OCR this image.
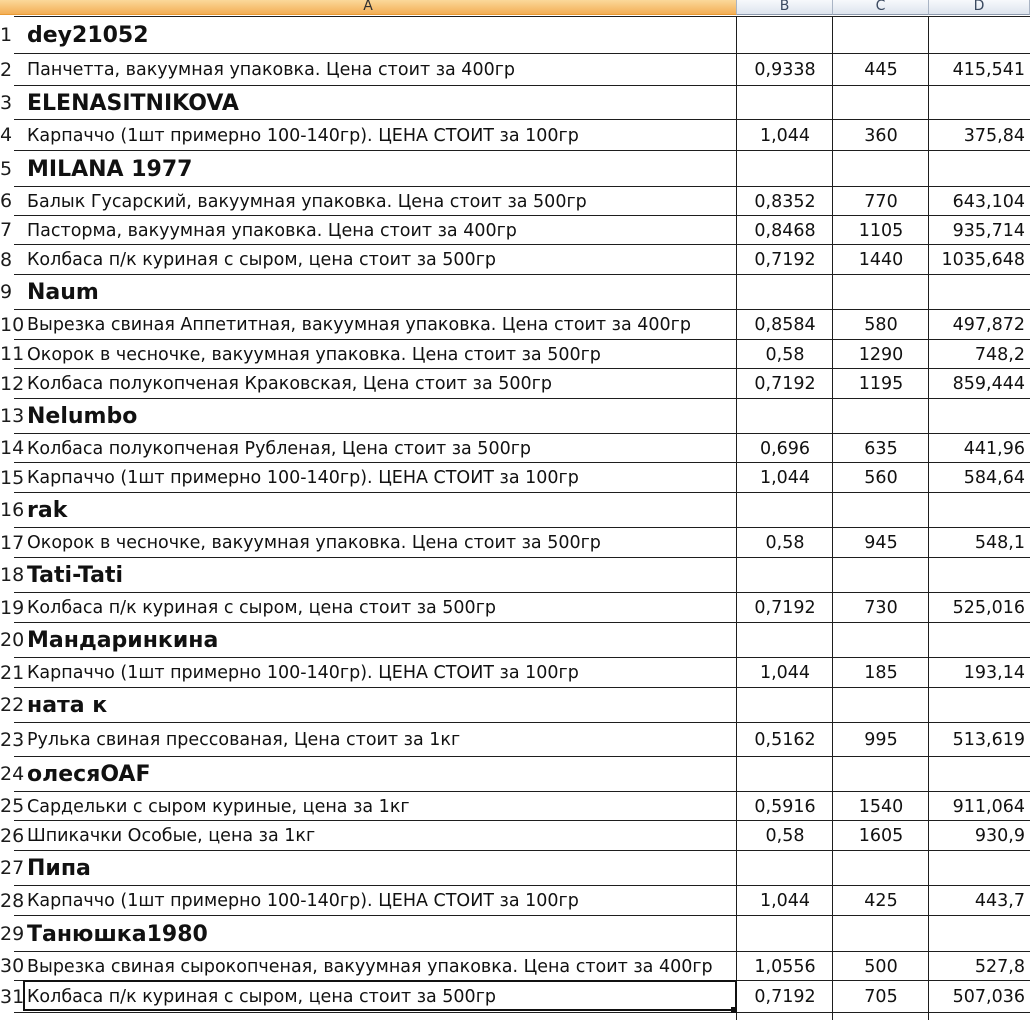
A	B	C	D
1 dey21052
2 Панчетта, вакуумная упаковка. Цена стоит за 400гр	0,9338	445	415,541
3 ELENASITNIKOVA
4 Карпаччо (1шт примерно 100-140гр). ЦЕНА СТОИТ за 100гр	1,044	360	375,84
5 MILANA 1977
6 Балык Гусарский, вакуумная упаковка. Цена стоит за 500гр	0,8352	770	643,104
7 Пасторма, вакуумная упаковка. Цена стоит за 400гр	0,8468	1105	935,714
8 Колбаса п/к куриная с сыром, цена стоит за 500гр	0,7192	1440	1035,648
9 Naum
10 Вырезка свиная Аппетитная, вакуумная упаковка. Цена стоит за 400гр	0,8584	580	497,872
11 Окорок в чесночке, вакуумная упаковка. Цена стоит за 500гр	0,58	1290	748,2
12 Колбаса полукопченая Краковская, Цена стоит за 500гр	0,7192	1195	859,444
13 Nelumbo
14 Колбаса полукопченая Рубленая, Цена стоит за 500гр	0,696	635	441,96
15 Карпаччо (1шт примерно 100-140гр). ЦЕНА СТОИТ за 100гр	1,044	560	584,64
16 rak
17 Окорок в чесночке, вакуумная упаковка. Цена стоит за 500гр	0,58	945	548,1
18 Tati-Tati
19 Колбаса п/к куриная с сыром, цена стоит за 500гр	0,7192	730	525,016
20 Мандаринкина
21 Карпаччо (1шт примерно 100-140гр). ЦЕНА СТОИТ за 100гр	1,044	185	193,14
22 ната к
23 Рулька свиная прессованая, Цена стоит за 1кг	0,5162	995	513,619
24 олесяOAF
25 Сардельки с сыром куриные, цена за 1кг	0,5916	1540	911,064
26 Шпикачки Особые, цена за 1кг	0,58	1605	930,9
27 Пипа
28 Карпаччо (1шт примерно 100-140гр). ЦЕНА СТОИТ за 100гр	1,044	425	443,7
29 Танюшка1980
30 Вырезка свиная сырокопченая, вакуумная упаковка. Цена стоит за 400гр	1,0556	500	527,8
31 Колбаса п/к куриная с сыром, цена стоит за 500гр	0,7192	705	507,036
